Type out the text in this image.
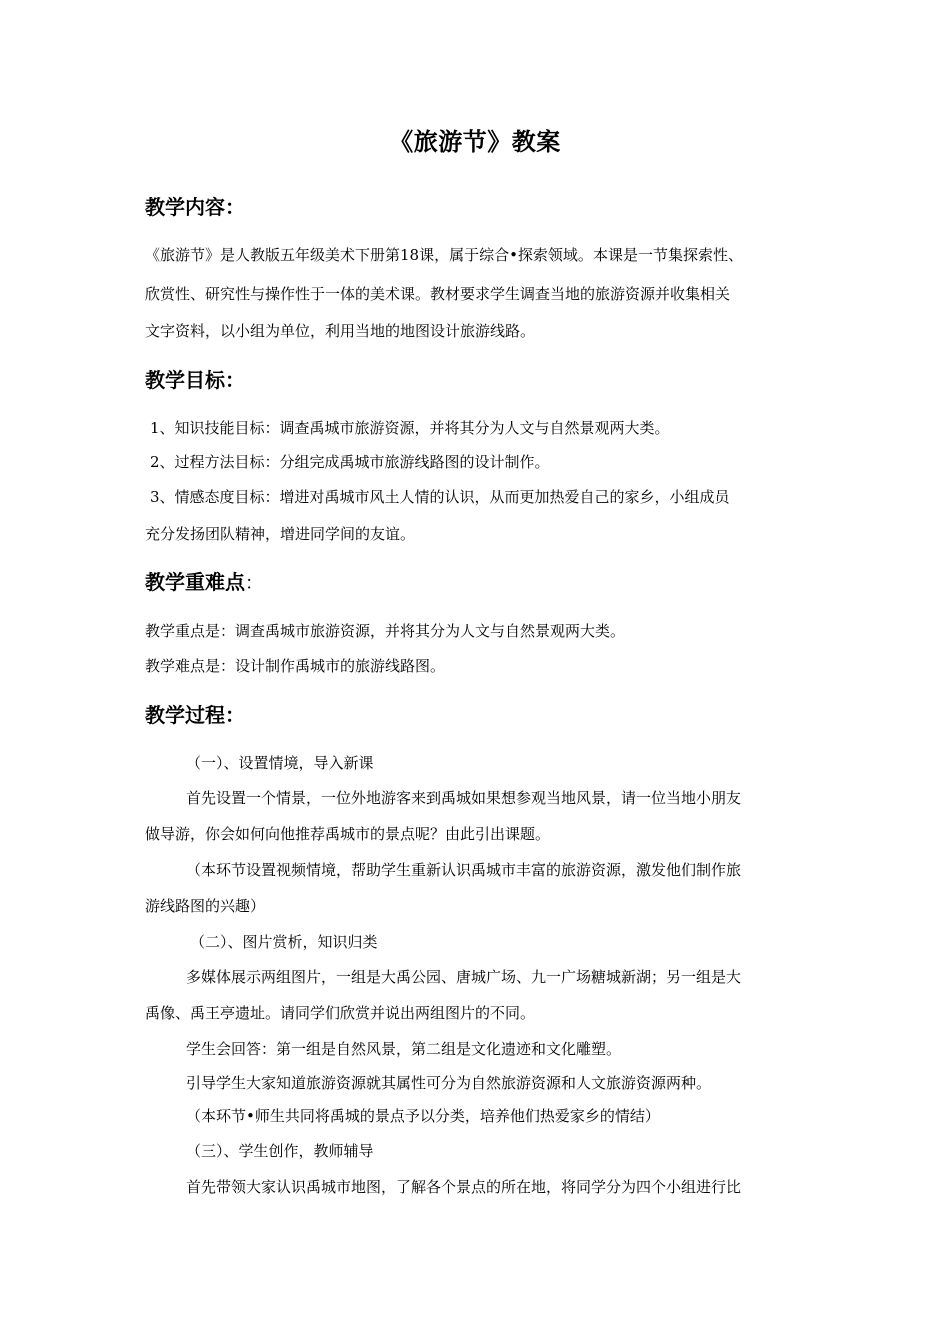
《旅游节》教案
教学内容：
《旅游节》是人教版五年级美术下册第18课，属于综合•探索领域。本课是一节集探索性、
欣赏性、研究性与操作性于一体的美术课。教材要求学生调查当地的旅游资源并收集相关
文字资料，以小组为单位，利用当地的地图设计旅游线路。
教学目标：
1、知识技能目标：调查禹城市旅游资源，并将其分为人文与自然景观两大类。
2、过程方法目标：分组完成禹城市旅游线路图的设计制作。
3、情感态度目标：增进对禹城市风土人情的认识，从而更加热爱自己的家乡，小组成员
充分发扬团队精神，增进同学间的友谊。
教学重难点：
教学重点是：调查禹城市旅游资源，并将其分为人文与自然景观两大类。
教学难点是：设计制作禹城市的旅游线路图。
教学过程：
（一）、设置情境，导入新课
首先设置一个情景，一位外地游客来到禹城如果想参观当地风景，请一位当地小朋友
做导游，你会如何向他推荐禹城市的景点呢？由此引出课题。
（本环节设置视频情境，帮助学生重新认识禹城市丰富的旅游资源，激发他们制作旅
游线路图的兴趣）
（二）、图片赏析，知识归类
多媒体展示两组图片，一组是大禹公园、唐城广场、九一广场糖城新湖；另一组是大
禹像、禹王亭遗址。请同学们欣赏并说出两组图片的不同。
学生会回答：第一组是自然风景，第二组是文化遗迹和文化雕塑。
引导学生大家知道旅游资源就其属性可分为自然旅游资源和人文旅游资源两种。
（本环节•师生共同将禹城的景点予以分类，培养他们热爱家乡的情结）
（三）、学生创作，教师辅导
首先带领大家认识禹城市地图，了解各个景点的所在地，将同学分为四个小组进行比
